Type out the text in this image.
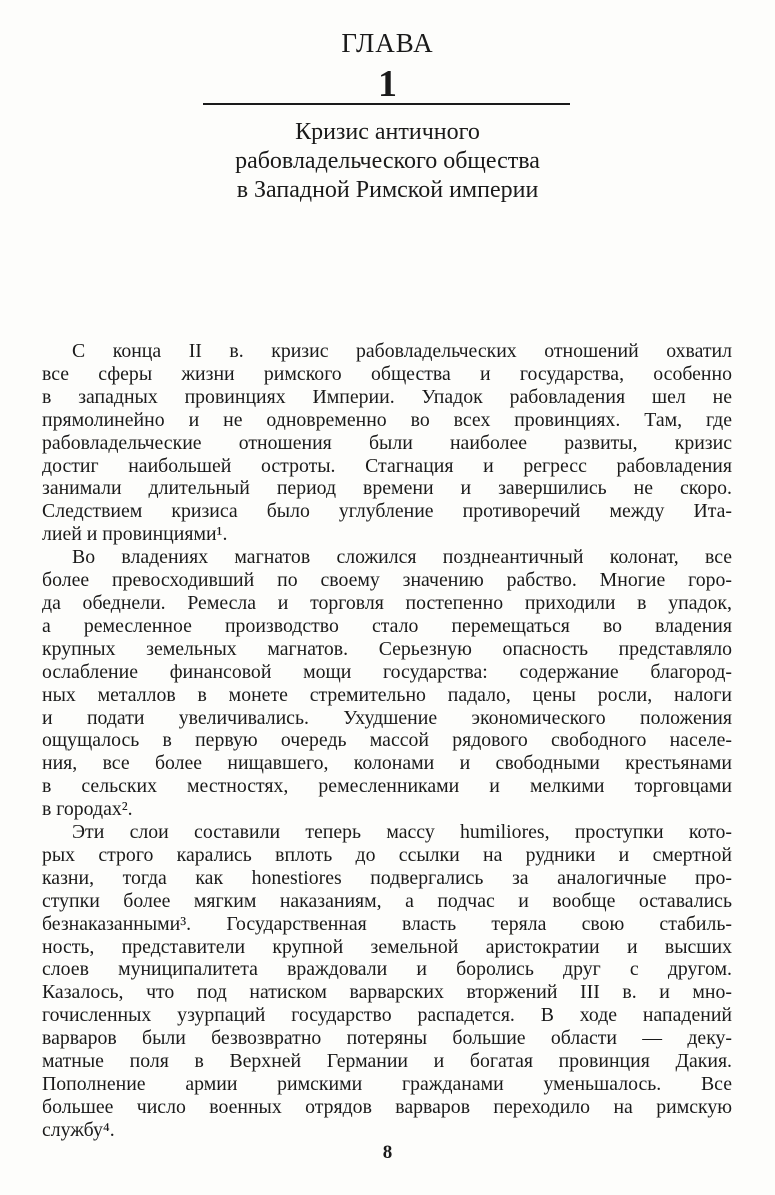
ГЛАВА
1
Кризис античного
рабовладельческого общества
в Западной Римской империи

С конца II в. кризис рабовладельческих отношений охватил
все сферы жизни римского общества и государства, особенно
в западных провинциях Империи. Упадок рабовладения шел не
прямолинейно и не одновременно во всех провинциях. Там, где
рабовладельческие отношения были наиболее развиты, кризис
достиг наибольшей остроты. Стагнация и регресс рабовладения
занимали длительный период времени и завершились не скоро.
Следствием кризиса было углубление противоречий между Ита-
лией и провинциями¹.

Во владениях магнатов сложился позднеантичный колонат, все
более превосходивший по своему значению рабство. Многие горо-
да обеднели. Ремесла и торговля постепенно приходили в упадок,
а ремесленное производство стало перемещаться во владения
крупных земельных магнатов. Серьезную опасность представляло
ослабление финансовой мощи государства: содержание благород-
ных металлов в монете стремительно падало, цены росли, налоги
и подати увеличивались. Ухудшение экономического положения
ощущалось в первую очередь массой рядового свободного населе-
ния, все более нищавшего, колонами и свободными крестьянами
в сельских местностях, ремесленниками и мелкими торговцами
в городах².

Эти слои составили теперь массу humiliores, проступки кото-
рых строго карались вплоть до ссылки на рудники и смертной
казни, тогда как honestiores подвергались за аналогичные про-
ступки более мягким наказаниям, а подчас и вообще оставались
безнаказанными³. Государственная власть теряла свою стабиль-
ность, представители крупной земельной аристократии и высших
слоев муниципалитета враждовали и боролись друг с другом.
Казалось, что под натиском варварских вторжений III в. и мно-
гочисленных узурпаций государство распадется. В ходе нападений
варваров были безвозвратно потеряны большие области — деку-
матные поля в Верхней Германии и богатая провинция Дакия.
Пополнение армии римскими гражданами уменьшалось. Все
большее число военных отрядов варваров переходило на римскую
службу⁴.

8
